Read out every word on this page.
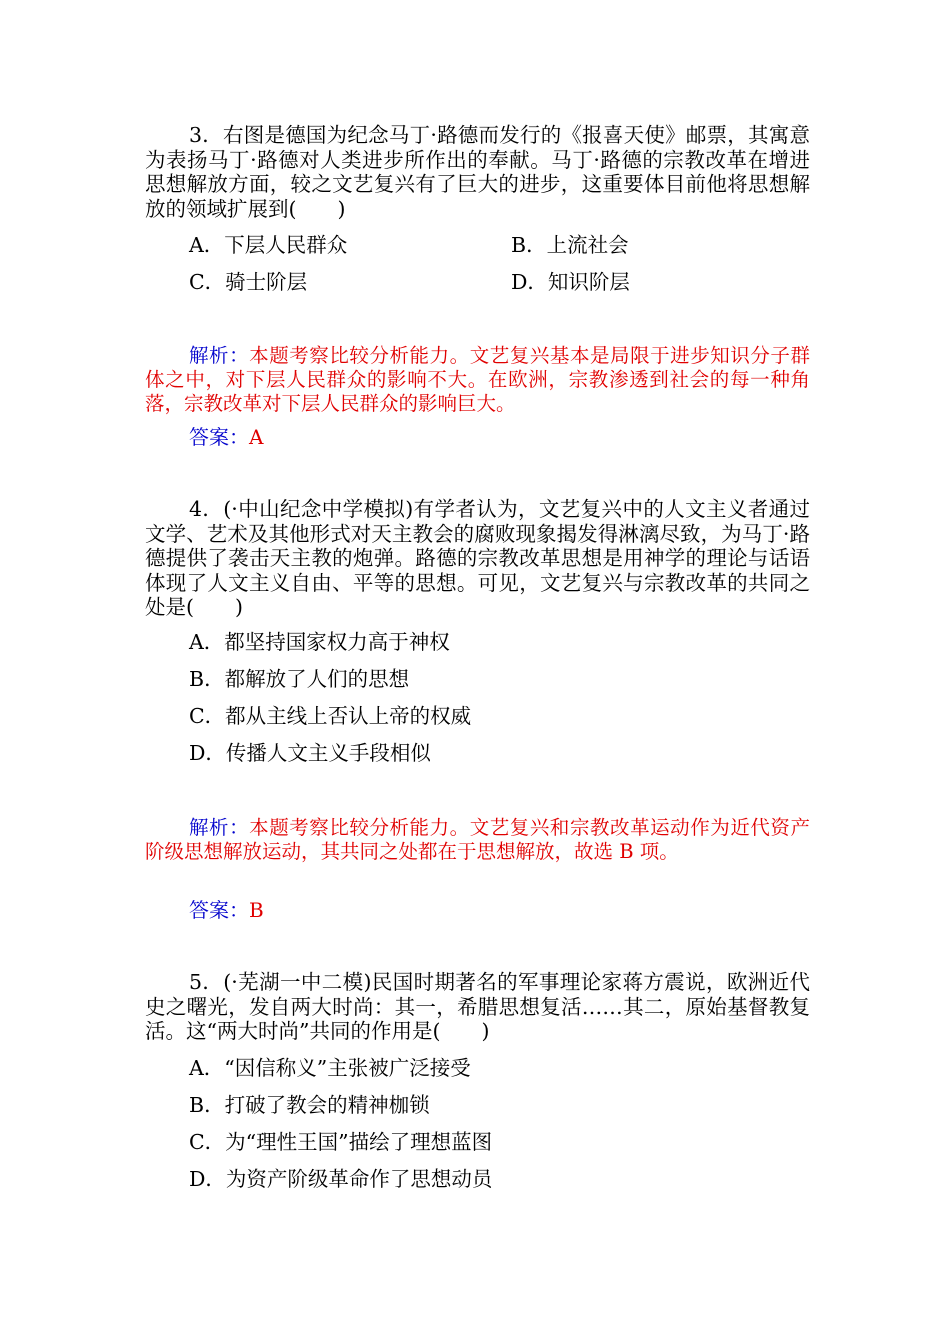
3．右图是德国为纪念马丁·路德而发行的《报喜天使》邮票，其寓意为表扬马丁·路德对人类进步所作出的奉献。马丁·路德的宗教改革在增进思想解放方面，较之文艺复兴有了巨大的进步，这重要体目前他将思想解放的领域扩展到(　　)
A．下层人民群众	B．上流社会
C．骑士阶层	D．知识阶层
解析：本题考察比较分析能力。文艺复兴基本是局限于进步知识分子群体之中，对下层人民群众的影响不大。在欧洲，宗教渗透到社会的每一种角落，宗教改革对下层人民群众的影响巨大。
答案：A
4．(·中山纪念中学模拟)有学者认为，文艺复兴中的人文主义者通过文学、艺术及其他形式对天主教会的腐败现象揭发得淋漓尽致，为马丁·路德提供了袭击天主教的炮弹。路德的宗教改革思想是用神学的理论与话语体现了人文主义自由、平等的思想。可见，文艺复兴与宗教改革的共同之处是(　　)
A．都坚持国家权力高于神权
B．都解放了人们的思想
C．都从主线上否认上帝的权威
D．传播人文主义手段相似
解析：本题考察比较分析能力。文艺复兴和宗教改革运动作为近代资产阶级思想解放运动，其共同之处都在于思想解放，故选 B 项。
答案：B
5．(·芜湖一中二模)民国时期著名的军事理论家蒋方震说，欧洲近代史之曙光，发自两大时尚：其一，希腊思想复活……其二，原始基督教复活。这“两大时尚”共同的作用是(　　)
A．“因信称义”主张被广泛接受
B．打破了教会的精神枷锁
C．为“理性王国”描绘了理想蓝图
D．为资产阶级革命作了思想动员
